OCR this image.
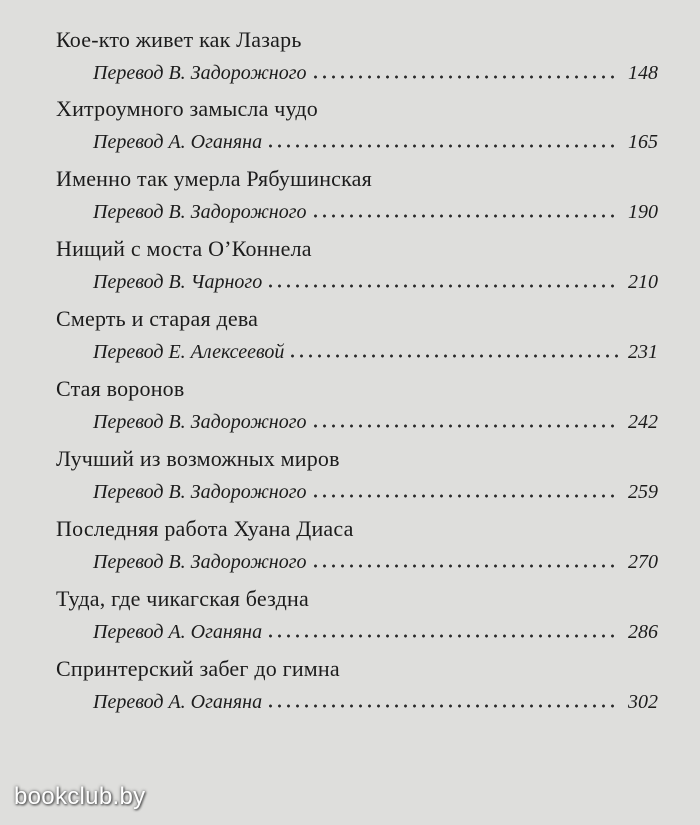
Кое-кто живет как Лазарь
Перевод В. Задорожного	148
Хитроумного замысла чудо
Перевод А. Оганяна	165
Именно так умерла Рябушинская
Перевод В. Задорожного	190
Нищий с моста О’Коннела
Перевод В. Чарного	210
Смерть и старая дева
Перевод Е. Алексеевой	231
Стая воронов
Перевод В. Задорожного	242
Лучший из возможных миров
Перевод В. Задорожного	259
Последняя работа Хуана Диаса
Перевод В. Задорожного	270
Туда, где чикагская бездна
Перевод А. Оганяна	286
Спринтерский забег до гимна
Перевод А. Оганяна	302
bookclub.by
